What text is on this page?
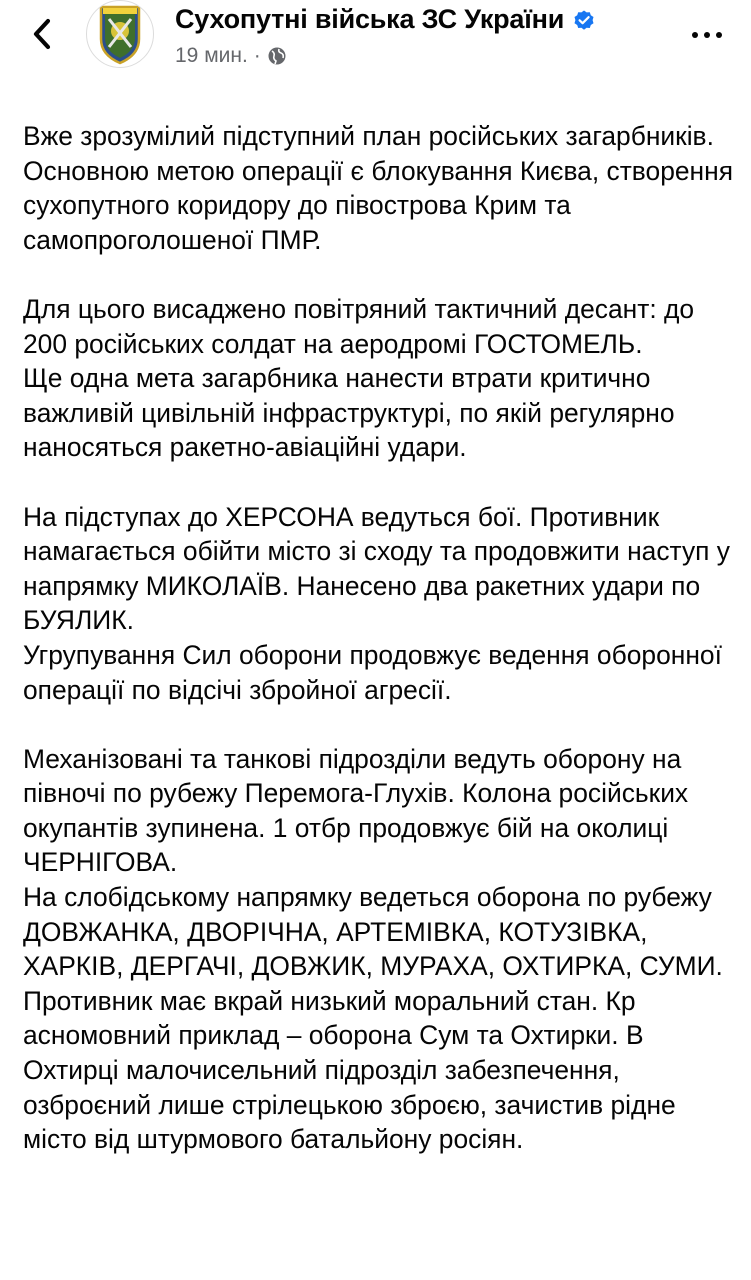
Сухопутні війська ЗС України
19 мин. ·

Вже зрозумілий підступний план російських загарбників. Основною метою операції є блокування Києва, створення сухопутного коридору до півострова Крим та самопроголошеної ПМР.

Для цього висаджено повітряний тактичний десант: до 200 російських солдат на аеродромі ГОСТОМЕЛЬ.
Ще одна мета загарбника нанести втрати критично важливій цивільній інфраструктурі, по якій регулярно наносяться ракетно-авіаційні удари.

На підступах до ХЕРСОНА ведуться бої. Противник намагається обійти місто зі сходу та продовжити наступ у напрямку МИКОЛАЇВ. Нанесено два ракетних удари по БУЯЛИК.
Угрупування Сил оборони продовжує ведення оборонної операції по відсічі збройної агресії.

Механізовані та танкові підрозділи ведуть оборону на півночі по рубежу Перемога-Глухів. Колона російських окупантів зупинена. 1 отбр продовжує бій на околиці ЧЕРНІГОВА.
На слобідському напрямку ведеться оборона по рубежу ДОВЖАНКА, ДВОРІЧНА, АРТЕМІВКА, КОТУЗІВКА, ХАРКІВ, ДЕРГАЧІ, ДОВЖИК, МУРАХА, ОХТИРКА, СУМИ.
Противник має вкрай низький моральний стан. Кр асномовний приклад – оборона Сум та Охтирки. В Охтирці малочисельний підрозділ забезпечення, озброєний лише стрілецькою зброєю, зачистив рідне місто від штурмового батальйону росіян.
